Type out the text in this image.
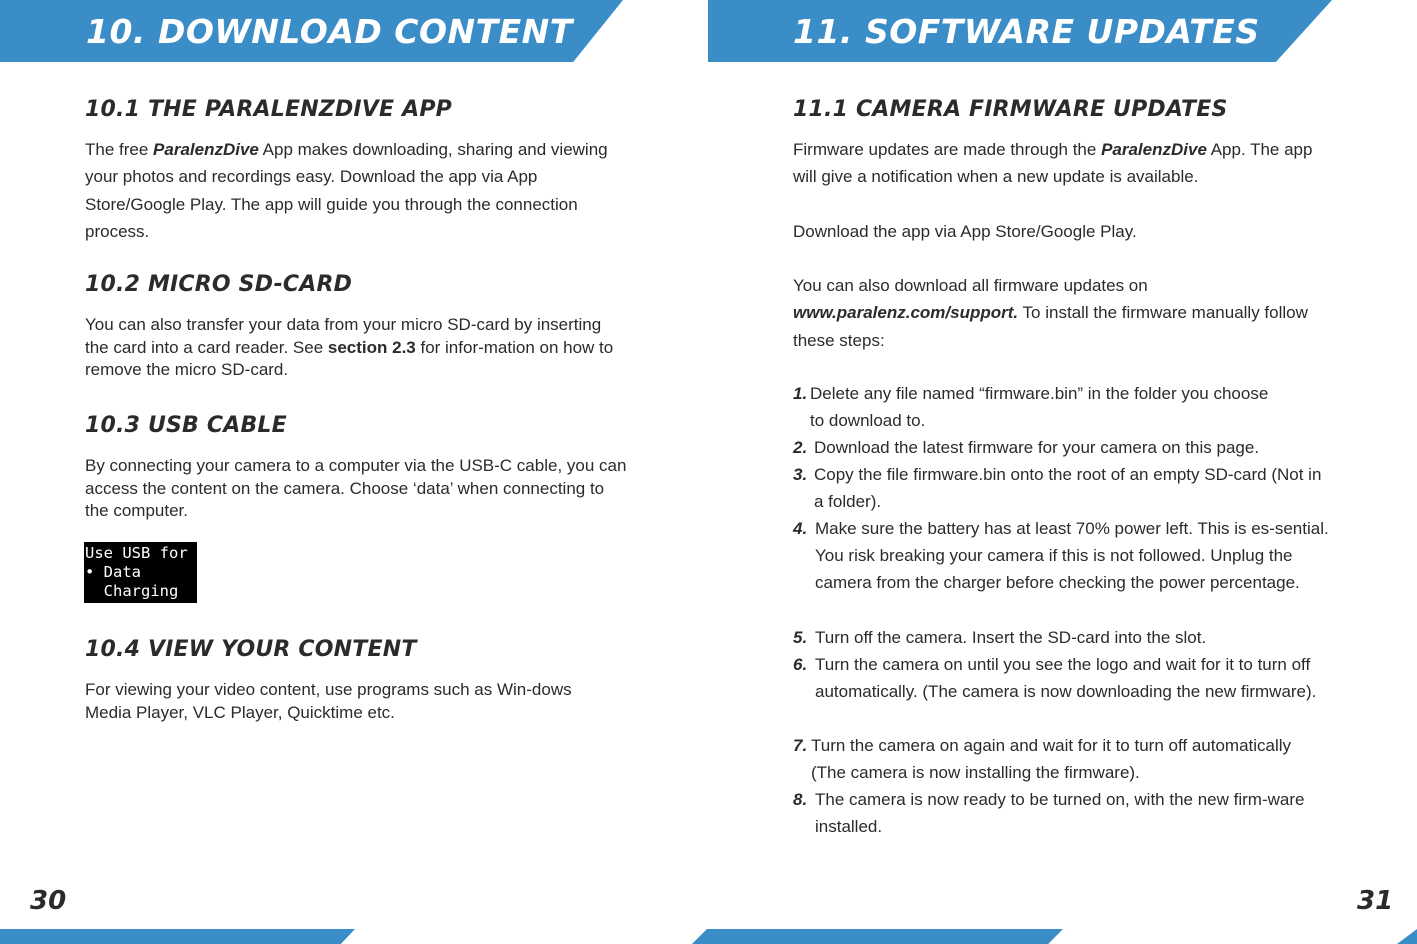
10. DOWNLOAD CONTENT	11. SOFTWARE UPDATES
10.1 THE PARALENZDIVE APP

The free ParalenzDive App makes downloading, sharing and viewing your photos and recordings easy. Download the app via App Store/Google Play. The app will guide you through the connection process.

10.2 MICRO SD-CARD

You can also transfer your data from your micro SD-card by inserting the card into a card reader. See section 2.3 for infor-mation on how to remove the micro SD-card.

10.3 USB CABLE

By connecting your camera to a computer via the USB-C cable, you can access the content on the camera. Choose ‘data’ when connecting to the computer.

10.4 VIEW YOUR CONTENT

For viewing your video content, use programs such as Win-dows Media Player, VLC Player, Quicktime etc.

Use USB for
• Data
Charging
11.1 CAMERA FIRMWARE UPDATES

Firmware updates are made through the ParalenzDive App. The app will give a notification when a new update is available.

Download the app via App Store/Google Play.

You can also download all firmware updates on www.paralenz.com/support. To install the firmware manually follow these steps:

1. Delete any file named “firmware.bin” in the folder you choose to download to.
2. Download the latest firmware for your camera on this page.
3. Copy the file firmware.bin onto the root of an empty SD-card (Not in a folder).
4. Make sure the battery has at least 70% power left. This is es-sential. You risk breaking your camera if this is not followed. Unplug the camera from the charger before checking the power percentage.
5. Turn off the camera. Insert the SD-card into the slot.
6. Turn the camera on until you see the logo and wait for it to turn off automatically. (The camera is now downloading the new firmware).
7. Turn the camera on again and wait for it to turn off automatically (The camera is now installing the firmware).
8. The camera is now ready to be turned on, with the new firm-ware installed.

30	31
